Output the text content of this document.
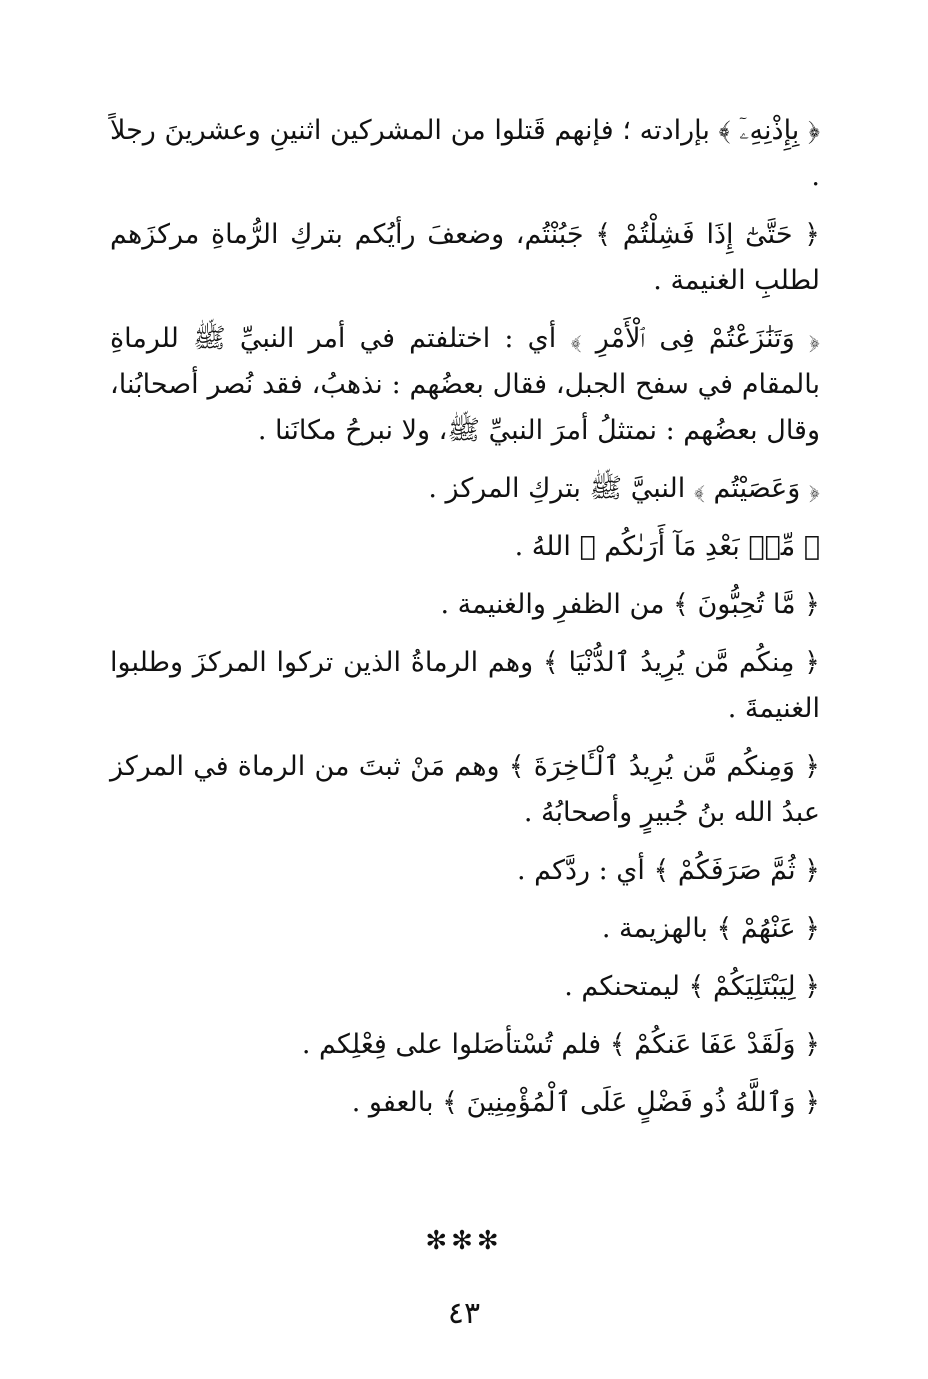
﴿ بِإِذْنِهِۦٓ ﴾ بإرادته ؛ فإنهم قَتلوا من المشركين اثنينِ وعشرينَ رجلاً .

﴿ حَتَّىٰٓ إِذَا فَشِلْتُمْ ﴾ جَبُنْتُم، وضعفَ رأيُكم بتركِ الرُّماةِ مركزَهم لطلبِ الغنيمة .

﴿ وَتَنَٰزَعْتُمْ فِى ٱلْأَمْرِ ﴾ أي : اختلفتم في أمر النبيِّ ﷺ للرماةِ بالمقام في سفح الجبل، فقال بعضُهم : نذهبُ، فقد نُصر أصحابُنا، وقال بعضُهم : نمتثلُ أمرَ النبيِّ ﷺ، ولا نبرحُ مكانَنا .

﴿ وَعَصَيْتُم ﴾ النبيَّ ﷺ بتركِ المركز .

﴿ مِّنۢ بَعْدِ مَآ أَرَىٰكُم ﴾ اللهُ .

﴿ مَّا تُحِبُّونَ ﴾ من الظفرِ والغنيمة .

﴿ مِنكُم مَّن يُرِيدُ ٱلدُّنْيَا ﴾ وهم الرماةُ الذين تركوا المركزَ وطلبوا الغنيمةَ .

﴿ وَمِنكُم مَّن يُرِيدُ ٱلْـَٔاخِرَةَ ﴾ وهم مَنْ ثبتَ من الرماة في المركز عبدُ الله بنُ جُبيرٍ وأصحابُهُ .

﴿ ثُمَّ صَرَفَكُمْ ﴾ أي : ردَّكم .

﴿ عَنْهُمْ ﴾ بالهزيمة .

﴿ لِيَبْتَلِيَكُمْ ﴾ ليمتحنكم .

﴿ وَلَقَدْ عَفَا عَنكُمْ ﴾ فلم تُسْتأصَلوا على فِعْلِكم .

﴿ وَٱللَّهُ ذُو فَضْلٍ عَلَى ٱلْمُؤْمِنِينَ ﴾ بالعفو .

✻✻✻
٤٣
